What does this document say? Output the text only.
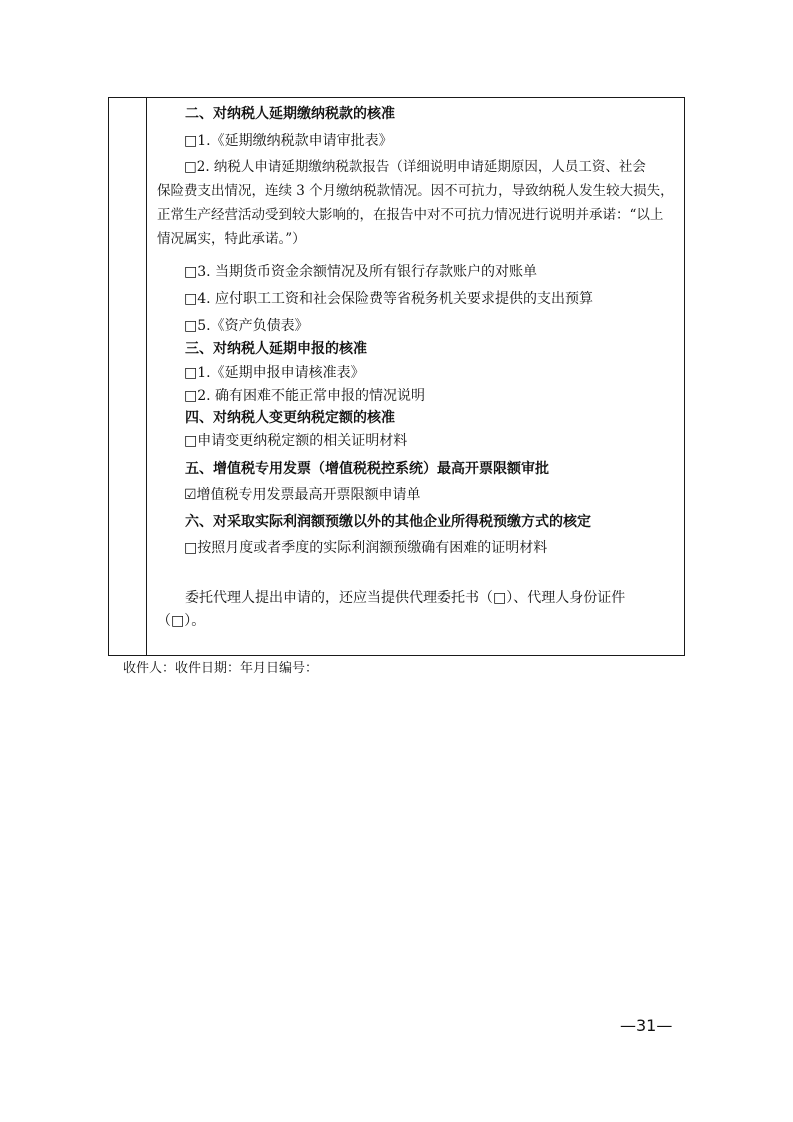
二、对纳税人延期缴纳税款的核准
□1.《延期缴纳税款申请审批表》
□2. 纳税人申请延期缴纳税款报告（详细说明申请延期原因，人员工资、社会
保险费支出情况，连续 3 个月缴纳税款情况。因不可抗力，导致纳税人发生较大损失，
正常生产经营活动受到较大影响的，在报告中对不可抗力情况进行说明并承诺：“以上
情况属实，特此承诺。”）
□3. 当期货币资金余额情况及所有银行存款账户的对账单
□4. 应付职工工资和社会保险费等省税务机关要求提供的支出预算
□5.《资产负债表》
三、对纳税人延期申报的核准
□1.《延期申报申请核准表》
□2. 确有困难不能正常申报的情况说明
四、对纳税人变更纳税定额的核准
□申请变更纳税定额的相关证明材料
五、增值税专用发票（增值税税控系统）最高开票限额审批
☑增值税专用发票最高开票限额申请单
六、对采取实际利润额预缴以外的其他企业所得税预缴方式的核定
□按照月度或者季度的实际利润额预缴确有困难的证明材料
委托代理人提出申请的，还应当提供代理委托书（□）、代理人身份证件
（□）。
收件人：收件日期：年月日编号：
—31—
